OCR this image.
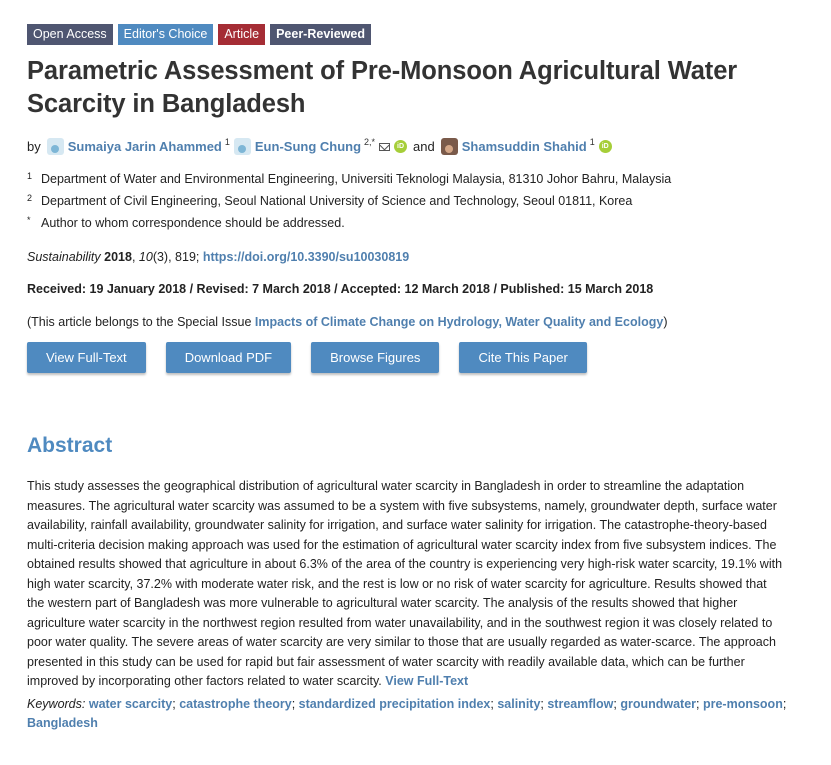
Open Access	Editor's Choice	Article	Peer-Reviewed
Parametric Assessment of Pre-Monsoon Agricultural Water Scarcity in Bangladesh
by Sumaiya Jarin Ahammed 1 Eun-Sung Chung 2,*	iD and Shamsuddin Shahid 1	iD
1 Department of Water and Environmental Engineering, Universiti Teknologi Malaysia, 81310 Johor Bahru, Malaysia
2 Department of Civil Engineering, Seoul National University of Science and Technology, Seoul 01811, Korea
* Author to whom correspondence should be addressed.
Sustainability 2018, 10(3), 819; https://doi.org/10.3390/su10030819
Received: 19 January 2018 / Revised: 7 March 2018 / Accepted: 12 March 2018 / Published: 15 March 2018
(This article belongs to the Special Issue Impacts of Climate Change on Hydrology, Water Quality and Ecology)
View Full-Text	Download PDF	Browse Figures	Cite This Paper
Abstract
This study assesses the geographical distribution of agricultural water scarcity in Bangladesh in order to streamline the adaptation measures. The agricultural water scarcity was assumed to be a system with five subsystems, namely, groundwater depth, surface water availability, rainfall availability, groundwater salinity for irrigation, and surface water salinity for irrigation. The catastrophe-theory-based multi-criteria decision making approach was used for the estimation of agricultural water scarcity index from five subsystem indices. The obtained results showed that agriculture in about 6.3% of the area of the country is experiencing very high-risk water scarcity, 19.1% with high water scarcity, 37.2% with moderate water risk, and the rest is low or no risk of water scarcity for agriculture. Results showed that the western part of Bangladesh was more vulnerable to agricultural water scarcity. The analysis of the results showed that higher agriculture water scarcity in the northwest region resulted from water unavailability, and in the southwest region it was closely related to poor water quality. The severe areas of water scarcity are very similar to those that are usually regarded as water-scarce. The approach presented in this study can be used for rapid but fair assessment of water scarcity with readily available data, which can be further improved by incorporating other factors related to water scarcity. View Full-Text
Keywords: water scarcity; catastrophe theory; standardized precipitation index; salinity; streamflow; groundwater; pre-monsoon; Bangladesh
